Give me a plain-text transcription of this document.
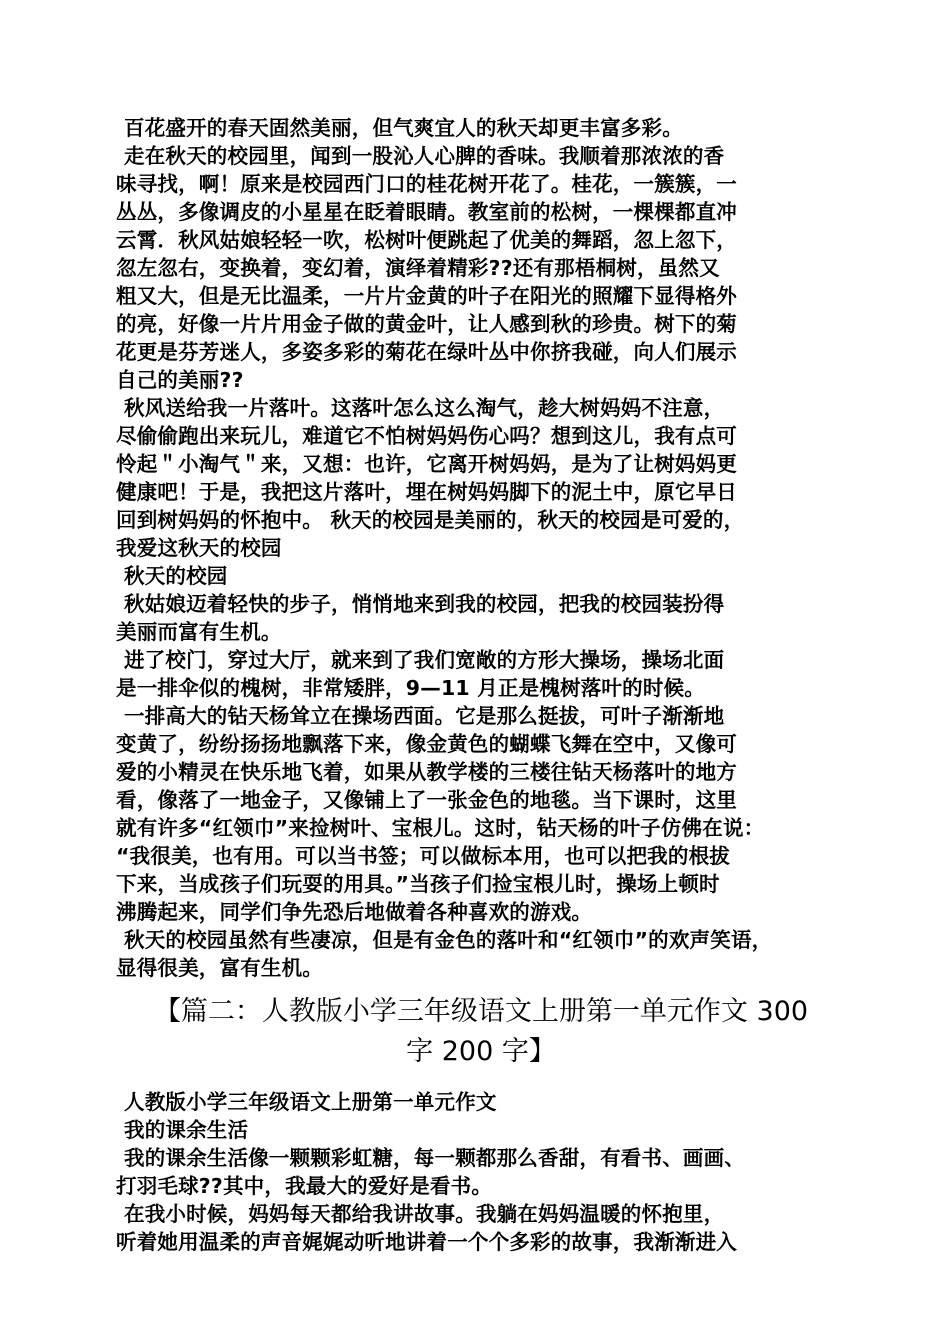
百花盛开的春天固然美丽，但气爽宜人的秋天却更丰富多彩。
走在秋天的校园里，闻到一股沁人心脾的香味。我顺着那浓浓的香
味寻找，啊！原来是校园西门口的桂花树开花了。桂花，一簇簇，一
丛丛，多像调皮的小星星在眨着眼睛。教室前的松树，一棵棵都直冲
云霄．秋风姑娘轻轻一吹，松树叶便跳起了优美的舞蹈，忽上忽下，
忽左忽右，变换着，变幻着，演绎着精彩??还有那梧桐树，虽然又
粗又大，但是无比温柔，一片片金黄的叶子在阳光的照耀下显得格外
的亮，好像一片片用金子做的黄金叶，让人感到秋的珍贵。树下的菊
花更是芬芳迷人，多姿多彩的菊花在绿叶丛中你挤我碰，向人们展示
自己的美丽??
秋风送给我一片落叶。这落叶怎么这么淘气，趁大树妈妈不注意，
尽偷偷跑出来玩儿，难道它不怕树妈妈伤心吗？想到这儿，我有点可
怜起＂小淘气＂来，又想：也许，它离开树妈妈，是为了让树妈妈更
健康吧！于是，我把这片落叶，埋在树妈妈脚下的泥土中，原它早日
回到树妈妈的怀抱中。 秋天的校园是美丽的，秋天的校园是可爱的，
我爱这秋天的校园
秋天的校园
秋姑娘迈着轻快的步子，悄悄地来到我的校园，把我的校园装扮得
美丽而富有生机。
进了校门，穿过大厅，就来到了我们宽敞的方形大操场，操场北面
是一排伞似的槐树，非常矮胖，9—11 月正是槐树落叶的时候。
一排高大的钻天杨耸立在操场西面。它是那么挺拔，可叶子渐渐地
变黄了，纷纷扬扬地飘落下来，像金黄色的蝴蝶飞舞在空中，又像可
爱的小精灵在快乐地飞着，如果从教学楼的三楼往钻天杨落叶的地方
看，像落了一地金子，又像铺上了一张金色的地毯。当下课时，这里
就有许多“红领巾”来捡树叶、宝根儿。这时，钻天杨的叶子仿佛在说：
“我很美，也有用。可以当书签；可以做标本用，也可以把我的根拔
下来，当成孩子们玩耍的用具。”当孩子们捡宝根儿时，操场上顿时
沸腾起来，同学们争先恐后地做着各种喜欢的游戏。
秋天的校园虽然有些凄凉，但是有金色的落叶和“红领巾”的欢声笑语，
显得很美，富有生机。
【篇二：人教版小学三年级语文上册第一单元作文 300
字 200 字】
人教版小学三年级语文上册第一单元作文
我的课余生活
我的课余生活像一颗颗彩虹糖，每一颗都那么香甜，有看书、画画、
打羽毛球??其中，我最大的爱好是看书。
在我小时候，妈妈每天都给我讲故事。我躺在妈妈温暖的怀抱里，
听着她用温柔的声音娓娓动听地讲着一个个多彩的故事，我渐渐进入
